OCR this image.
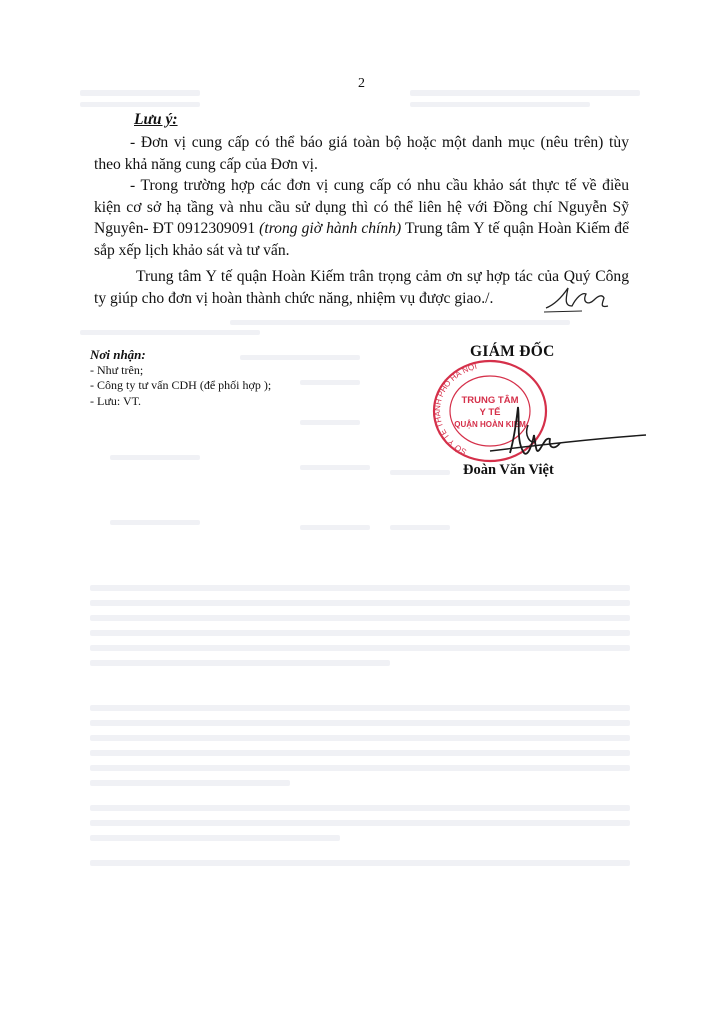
2
Lưu ý:
- Đơn vị cung cấp có thể báo giá toàn bộ hoặc một danh mục (nêu trên) tùy theo khả năng cung cấp của Đơn vị.
- Trong trường hợp các đơn vị cung cấp có nhu cầu khảo sát thực tế về điều kiện cơ sở hạ tầng và nhu cầu sử dụng thì có thể liên hệ với Đồng chí Nguyễn Sỹ Nguyên- ĐT 0912309091 (trong giờ hành chính) Trung tâm Y tế quận Hoàn Kiếm để sắp xếp lịch khảo sát và tư vấn.
Trung tâm Y tế quận Hoàn Kiếm trân trọng cảm ơn sự hợp tác của Quý Công ty giúp cho đơn vị hoàn thành chức năng, nhiệm vụ được giao./.
Nơi nhận:
- Như trên;
- Công ty tư vấn CDH (để phối hợp );
- Lưu: VT.
SỞ Y TẾ THÀNH PHỐ HÀ NỘI
TRUNG TÂM
Y TẾ
QUẬN HOÀN KIẾM
GIÁM ĐỐC
Đoàn Văn Việt
